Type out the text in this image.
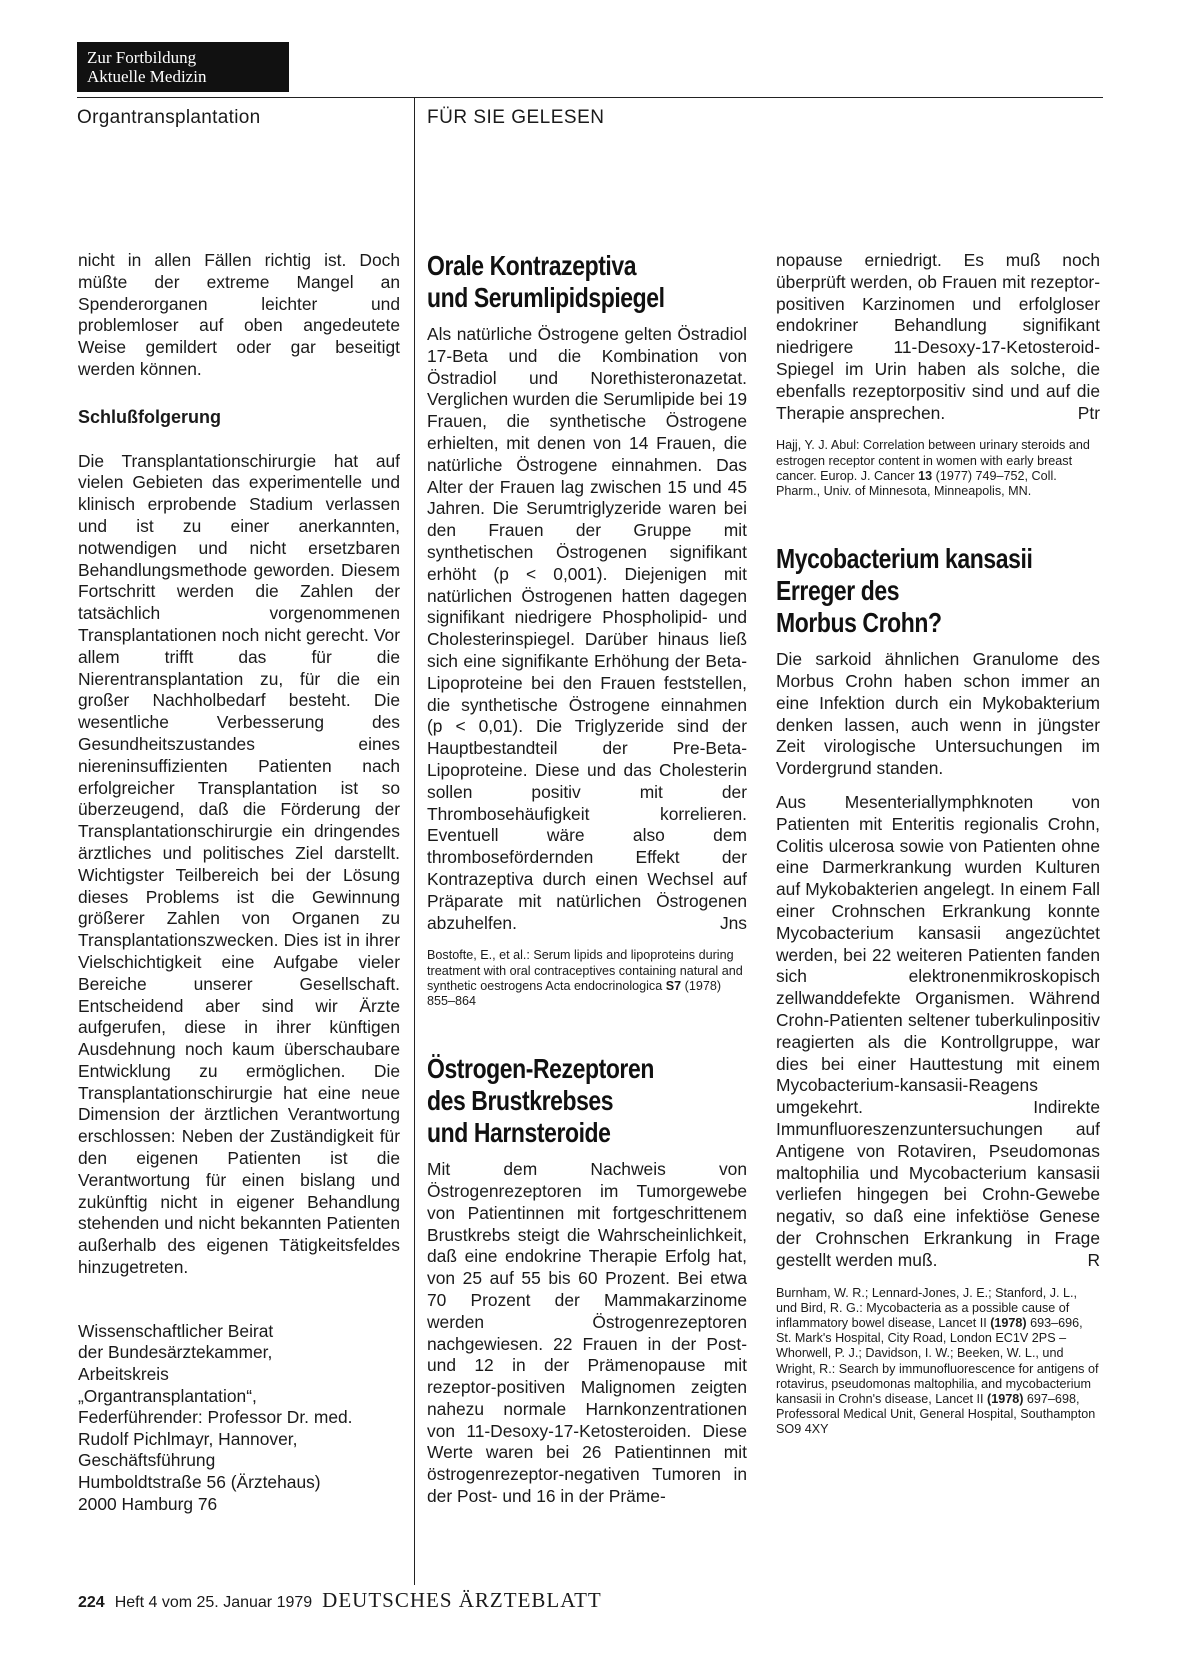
Zur Fortbildung
Aktuelle Medizin
Organtransplantation	FÜR SIE GELESEN

nicht in allen Fällen richtig ist. Doch müßte der extreme Mangel an Spenderorganen leichter und problemloser auf oben angedeutete Weise gemildert oder gar beseitigt werden können.

Schlußfolgerung

Die Transplantationschirurgie hat auf vielen Gebieten das experimentelle und klinisch erprobende Stadium verlassen und ist zu einer anerkannten, notwendigen und nicht ersetzbaren Behandlungsmethode geworden. Diesem Fortschritt werden die Zahlen der tatsächlich vorgenommenen Transplantationen noch nicht gerecht. Vor allem trifft das für die Nierentransplantation zu, für die ein großer Nachholbedarf besteht. Die wesentliche Verbesserung des Gesundheitszustandes eines niereninsuffizienten Patienten nach erfolgreicher Transplantation ist so überzeugend, daß die Förderung der Transplantationschirurgie ein dringendes ärztliches und politisches Ziel darstellt. Wichtigster Teilbereich bei der Lösung dieses Problems ist die Gewinnung größerer Zahlen von Organen zu Transplantationszwecken. Dies ist in ihrer Vielschichtigkeit eine Aufgabe vieler Bereiche unserer Gesellschaft. Entscheidend aber sind wir Ärzte aufgerufen, diese in ihrer künftigen Ausdehnung noch kaum überschaubare Entwicklung zu ermöglichen. Die Transplantationschirurgie hat eine neue Dimension der ärztlichen Verantwortung erschlossen: Neben der Zuständigkeit für den eigenen Patienten ist die Verantwortung für einen bislang und zukünftig nicht in eigener Behandlung stehenden und nicht bekannten Patienten außerhalb des eigenen Tätigkeitsfeldes hinzugetreten.

Wissenschaftlicher Beirat
der Bundesärztekammer,
Arbeitskreis
„Organtransplantation“,
Federführender: Professor Dr. med.
Rudolf Pichlmayr, Hannover,
Geschäftsführung
Humboldtstraße 56 (Ärztehaus)
2000 Hamburg 76
Orale Kontrazeptiva
und Serumlipidspiegel

Als natürliche Östrogene gelten Östradiol 17-Beta und die Kombination von Östradiol und Norethisteronazetat. Verglichen wurden die Serumlipide bei 19 Frauen, die synthetische Östrogene erhielten, mit denen von 14 Frauen, die natürliche Östrogene einnahmen. Das Alter der Frauen lag zwischen 15 und 45 Jahren. Die Serumtriglyzeride waren bei den Frauen der Gruppe mit synthetischen Östrogenen signifikant erhöht (p < 0,001). Diejenigen mit natürlichen Östrogenen hatten dagegen signifikant niedrigere Phospholipid- und Cholesterinspiegel. Darüber hinaus ließ sich eine signifikante Erhöhung der Beta-Lipoproteine bei den Frauen feststellen, die synthetische Östrogene einnahmen (p < 0,01). Die Triglyzeride sind der Hauptbestandteil der Pre-Beta-Lipoproteine. Diese und das Cholesterin sollen positiv mit der Thrombosehäufigkeit korrelieren. Eventuell wäre also dem thrombosefördernden Effekt der Kontrazeptiva durch einen Wechsel auf Präparate mit natürlichen Östrogenen abzuhelfen.	Jns

Bostofte, E., et al.: Serum lipids and lipoproteins during treatment with oral contraceptives containing natural and synthetic oestrogens Acta endocrinologica S7 (1978) 855–864
Östrogen-Rezeptoren
des Brustkrebses
und Harnsteroide

Mit dem Nachweis von Östrogenrezeptoren im Tumorgewebe von Patientinnen mit fortgeschrittenem Brustkrebs steigt die Wahrscheinlichkeit, daß eine endokrine Therapie Erfolg hat, von 25 auf 55 bis 60 Prozent. Bei etwa 70 Prozent der Mammakarzinome werden Östrogenrezeptoren nachgewiesen. 22 Frauen in der Post- und 12 in der Prämenopause mit rezeptor-positiven Malignomen zeigten nahezu normale Harnkonzentrationen von 11-Desoxy-17-Ketosteroiden. Diese Werte waren bei 26 Patientinnen mit östrogenrezeptor-negativen Tumoren in der Post- und 16 in der Präme-

nopause erniedrigt. Es muß noch überprüft werden, ob Frauen mit rezeptor-positiven Karzinomen und erfolgloser endokriner Behandlung signifikant niedrigere 11-Desoxy-17-Ketosteroid-Spiegel im Urin haben als solche, die ebenfalls rezeptorpositiv sind und auf die Therapie ansprechen.	Ptr

Hajj, Y. J. Abul: Correlation between urinary steroids and estrogen receptor content in women with early breast cancer. Europ. J. Cancer 13 (1977) 749–752, Coll. Pharm., Univ. of Minnesota, Minneapolis, MN.
Mycobacterium kansasii
Erreger des
Morbus Crohn?

Die sarkoid ähnlichen Granulome des Morbus Crohn haben schon immer an eine Infektion durch ein Mykobakterium denken lassen, auch wenn in jüngster Zeit virologische Untersuchungen im Vordergrund standen.

Aus Mesenteriallymphknoten von Patienten mit Enteritis regionalis Crohn, Colitis ulcerosa sowie von Patienten ohne eine Darmerkrankung wurden Kulturen auf Mykobakterien angelegt. In einem Fall einer Crohnschen Erkrankung konnte Mycobacterium kansasii angezüchtet werden, bei 22 weiteren Patienten fanden sich elektronenmikroskopisch zellwanddefekte Organismen. Während Crohn-Patienten seltener tuberkulinpositiv reagierten als die Kontrollgruppe, war dies bei einer Hauttestung mit einem Mycobacterium-kansasii-Reagens umgekehrt. Indirekte Immunfluoreszenzuntersuchungen auf Antigene von Rotaviren, Pseudomonas maltophilia und Mycobacterium kansasii verliefen hingegen bei Crohn-Gewebe negativ, so daß eine infektiöse Genese der Crohnschen Erkrankung in Frage gestellt werden muß.	R

Burnham, W. R.; Lennard-Jones, J. E.; Stanford, J. L., und Bird, R. G.: Mycobacteria as a possible cause of inflammatory bowel disease, Lancet II (1978) 693–696, St. Mark's Hospital, City Road, London EC1V 2PS – Whorwell, P. J.; Davidson, I. W.; Beeken, W. L., und Wright, R.: Search by immunofluorescence for antigens of rotavirus, pseudomonas maltophilia, and mycobacterium kansasii in Crohn's disease, Lancet II (1978) 697–698, Professoral Medical Unit, General Hospital, Southampton SO9 4XY
224 Heft 4 vom 25. Januar 1979 DEUTSCHES ÄRZTEBLATT
